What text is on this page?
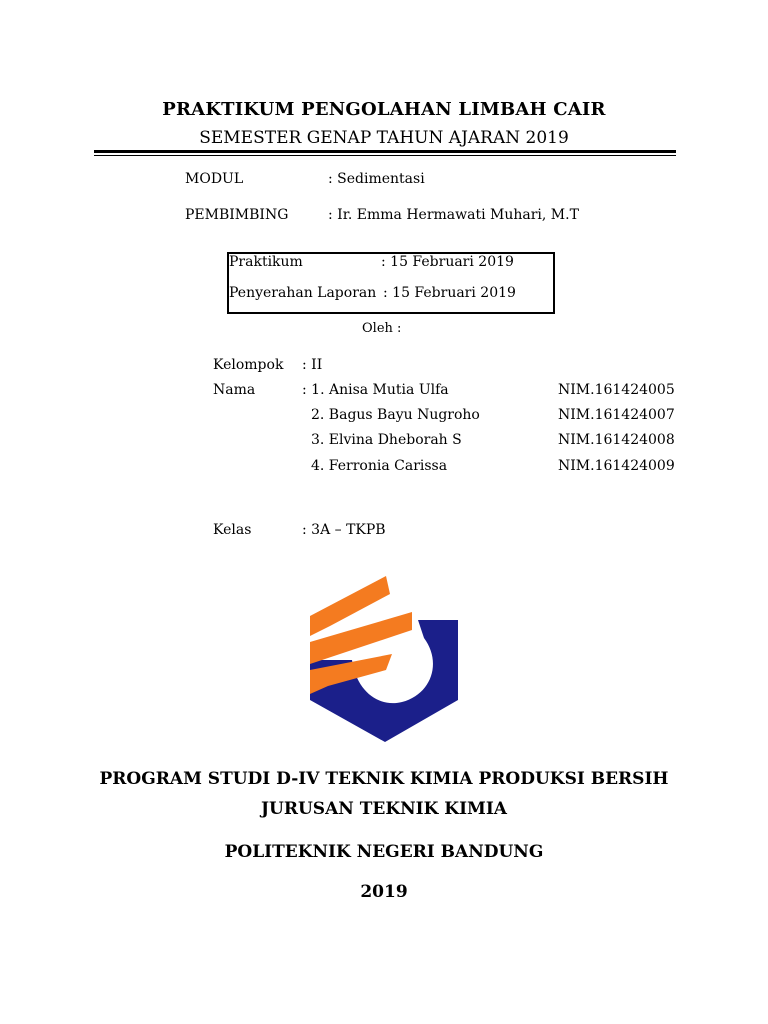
PRAKTIKUM PENGOLAHAN LIMBAH CAIR
SEMESTER GENAP TAHUN AJARAN 2019
MODUL	: Sedimentasi
PEMBIMBING	: Ir. Emma Hermawati Muhari, M.T
Praktikum	: 15 Februari 2019
Penyerahan Laporan : 15 Februari 2019
Oleh :
Kelompok : II
Nama	: 1. Anisa Mutia Ulfa	NIM.161424005
2. Bagus Bayu Nugroho	NIM.161424007
3. Elvina Dheborah S	NIM.161424008
4. Ferronia Carissa	NIM.161424009
Kelas	: 3A – TKPB
PROGRAM STUDI D-IV TEKNIK KIMIA PRODUKSI BERSIH
JURUSAN TEKNIK KIMIA
POLITEKNIK NEGERI BANDUNG
2019
